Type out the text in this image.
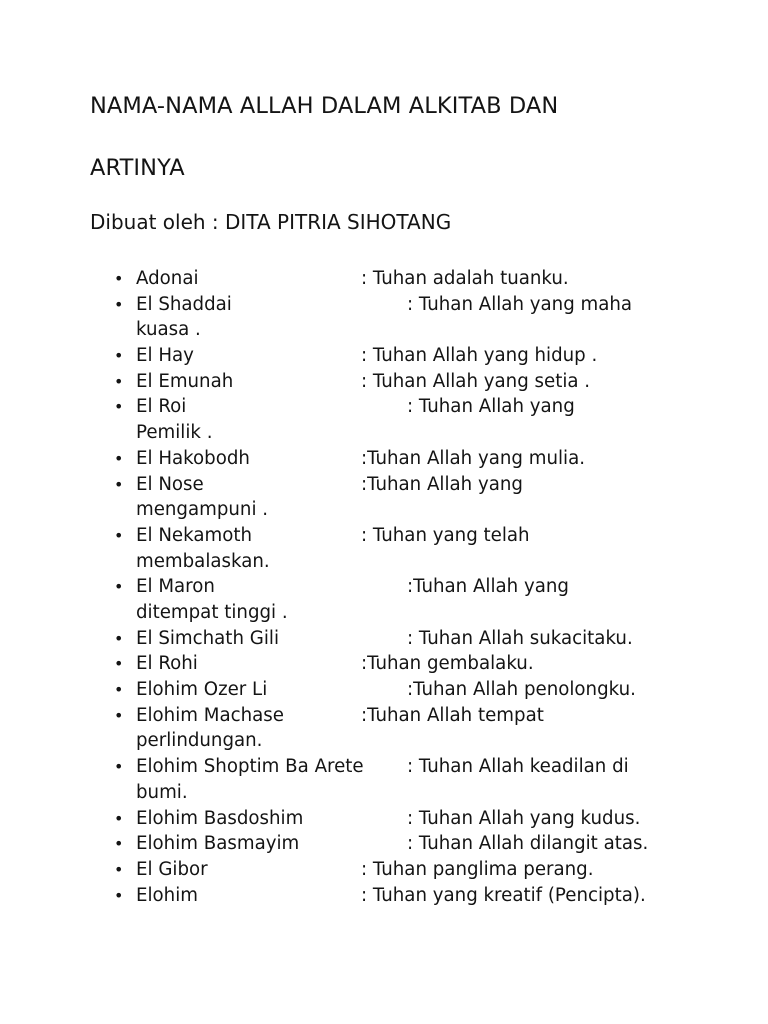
NAMA-NAMA ALLAH DALAM ALKITAB DAN
ARTINYA
Dibuat oleh : DITA PITRIA SIHOTANG
• Adonai	: Tuhan adalah tuanku.
• El Shaddai	: Tuhan Allah yang maha
kuasa .
• El Hay	: Tuhan Allah yang hidup .
• El Emunah	: Tuhan Allah yang setia .
• El Roi	: Tuhan Allah yang
Pemilik .
• El Hakobodh	:Tuhan Allah yang mulia.
• El Nose	:Tuhan Allah yang
mengampuni .
• El Nekamoth	: Tuhan yang telah
membalaskan.
• El Maron	:Tuhan Allah yang
ditempat tinggi .
• El Simchath Gili	: Tuhan Allah sukacitaku.
• El Rohi	:Tuhan gembalaku.
• Elohim Ozer Li	:Tuhan Allah penolongku.
• Elohim Machase	:Tuhan Allah tempat
perlindungan.
• Elohim Shoptim Ba Arete : Tuhan Allah keadilan di
bumi.
• Elohim Basdoshim	: Tuhan Allah yang kudus.
• Elohim Basmayim	: Tuhan Allah dilangit atas.
• El Gibor	: Tuhan panglima perang.
• Elohim	: Tuhan yang kreatif (Pencipta).
